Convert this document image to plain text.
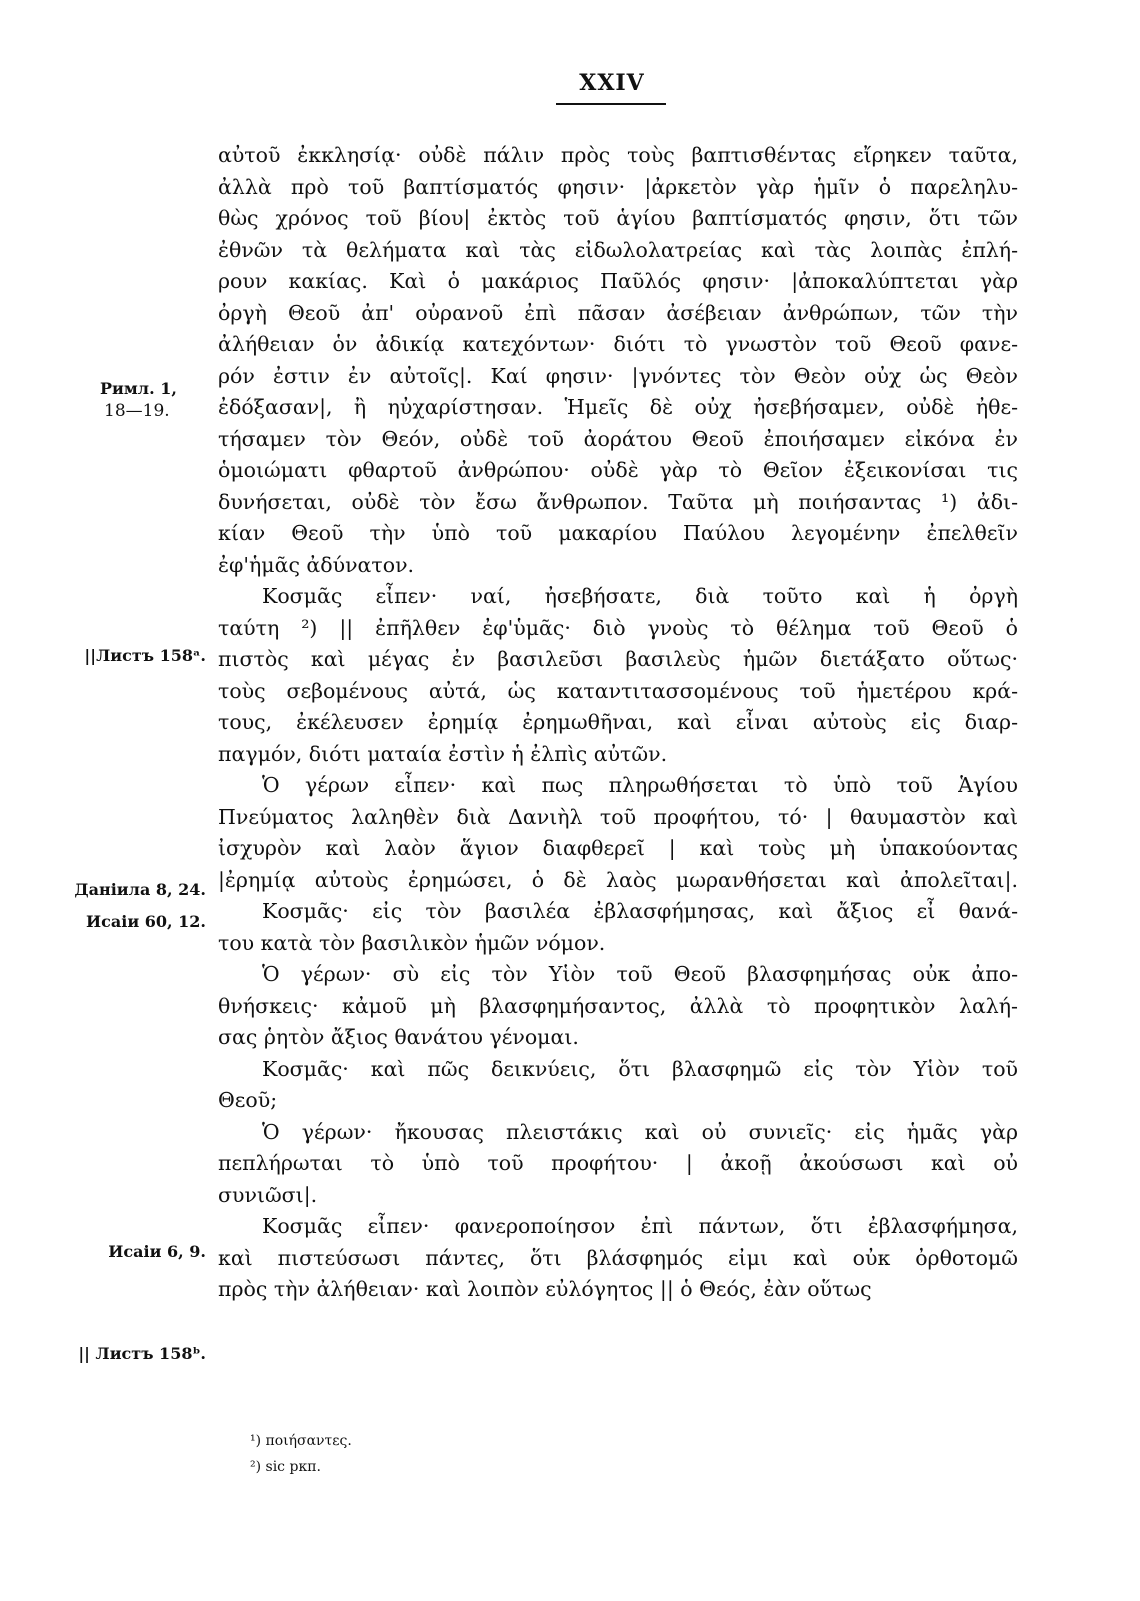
XXIV
αὐτοῦ ἐκκλησίᾳ· οὐδὲ πάλιν πρὸς τοὺς βαπτισθέντας εἴρηκεν ταῦτα,
ἀλλὰ πρὸ τοῦ βαπτίσματός φησιν· |ἀρκετὸν γὰρ ἡμῖν ὁ παρεληλυ-
θὼς χρόνος τοῦ βίου| ἐκτὸς τοῦ ἁγίου βαπτίσματός φησιν, ὅτι τῶν
ἐθνῶν τὰ θελήματα καὶ τὰς εἰδωλολατρείας καὶ τὰς λοιπὰς ἐπλή-
ρουν κακίας. Καὶ ὁ μακάριος Παῦλός φησιν· |ἀποκαλύπτεται γὰρ
ὀργὴ Θεοῦ ἀπ' οὐρανοῦ ἐπὶ πᾶσαν ἀσέβειαν ἀνθρώπων, τῶν τὴν
ἀλήθειαν ὁν ἀδικίᾳ κατεχόντων· διότι τὸ γνωστὸν τοῦ Θεοῦ φανε-
ρόν ἐστιν ἐν αὐτοῖς|. Καί φησιν· |γνόντες τὸν Θεὸν οὐχ ὡς Θεὸν
ἐδόξασαν|, ἢ ηὐχαρίστησαν. Ἡμεῖς δὲ οὐχ ἠσεβήσαμεν, οὐδὲ ἠθε-
τήσαμεν τὸν Θεόν, οὐδὲ τοῦ ἀοράτου Θεοῦ ἐποιήσαμεν εἰκόνα ἐν
ὁμοιώματι φθαρτοῦ ἀνθρώπου· οὐδὲ γὰρ τὸ Θεῖον ἐξεικονίσαι τις
δυνήσεται, οὐδὲ τὸν ἔσω ἄνθρωπον. Ταῦτα μὴ ποιήσαντας ¹) ἀδι-
κίαν Θεοῦ τὴν ὑπὸ τοῦ μακαρίου Παύλου λεγομένην ἐπελθεῖν
ἐφ'ἡμᾶς ἀδύνατον.
Κοσμᾶς εἶπεν· ναί, ἠσεβήσατε, διὰ τοῦτο καὶ ἡ ὀργὴ
ταύτη ²) || ἐπῆλθεν ἐφ'ὑμᾶς· διὸ γνοὺς τὸ θέλημα τοῦ Θεοῦ ὁ
πιστὸς καὶ μέγας ἐν βασιλεῦσι βασιλεὺς ἡμῶν διετάξατο οὕτως·
τοὺς σεβομένους αὐτά, ὡς καταντιτασσομένους τοῦ ἡμετέρου κρά-
τους, ἐκέλευσεν ἐρημίᾳ ἐρημωθῆναι, καὶ εἶναι αὐτοὺς εἰς διαρ-
παγμόν, διότι ματαία ἐστὶν ἡ ἐλπὶς αὐτῶν.
Ὁ γέρων εἶπεν· καὶ πως πληρωθήσεται τὸ ὑπὸ τοῦ Ἁγίου
Πνεύματος λαληθὲν διὰ Δανιὴλ τοῦ προφήτου, τό· | θαυμαστὸν καὶ
ἰσχυρὸν καὶ λαὸν ἅγιον διαφθερεῖ | καὶ τοὺς μὴ ὑπακούοντας
|ἐρημίᾳ αὐτοὺς ἐρημώσει, ὁ δὲ λαὸς μωρανθήσεται καὶ ἀπολεῖται|.
Κοσμᾶς· εἰς τὸν βασιλέα ἐβλασφήμησας, καὶ ἄξιος εἶ θανά-
του κατὰ τὸν βασιλικὸν ἡμῶν νόμον.
Ὁ γέρων· σὺ εἰς τὸν Υἱὸν τοῦ Θεοῦ βλασφημήσας οὐκ ἀπο-
θνήσκεις· κἀμοῦ μὴ βλασφημήσαντος, ἀλλὰ τὸ προφητικὸν λαλή-
σας ῥητὸν ἄξιος θανάτου γένομαι.
Κοσμᾶς· καὶ πῶς δεικνύεις, ὅτι βλασφημῶ εἰς τὸν Υἱὸν τοῦ
Θεοῦ;
Ὁ γέρων· ἤκουσας πλειστάκις καὶ οὐ συνιεῖς· εἰς ἡμᾶς γὰρ
πεπλήρωται τὸ ὑπὸ τοῦ προφήτου· | ἀκοῇ ἀκούσωσι καὶ οὐ
συνιῶσι|.
Κοσμᾶς εἶπεν· φανεροποίησον ἐπὶ πάντων, ὅτι ἐβλασφήμησα,
καὶ πιστεύσωσι πάντες, ὅτι βλάσφημός εἰμι καὶ οὐκ ὀρθοτομῶ
πρὸς τὴν ἀλήθειαν· καὶ λοιπὸν εὐλόγητος || ὁ Θεός, ἐὰν οὕτως
Римл. 1,
18—19.
||Листъ 158ᵃ.
Даніила 8, 24.
Исаіи 60, 12.
Исаіи 6, 9.
|| Листъ 158ᵇ.
¹) ποιήσαντες.
²) sic ркп.
